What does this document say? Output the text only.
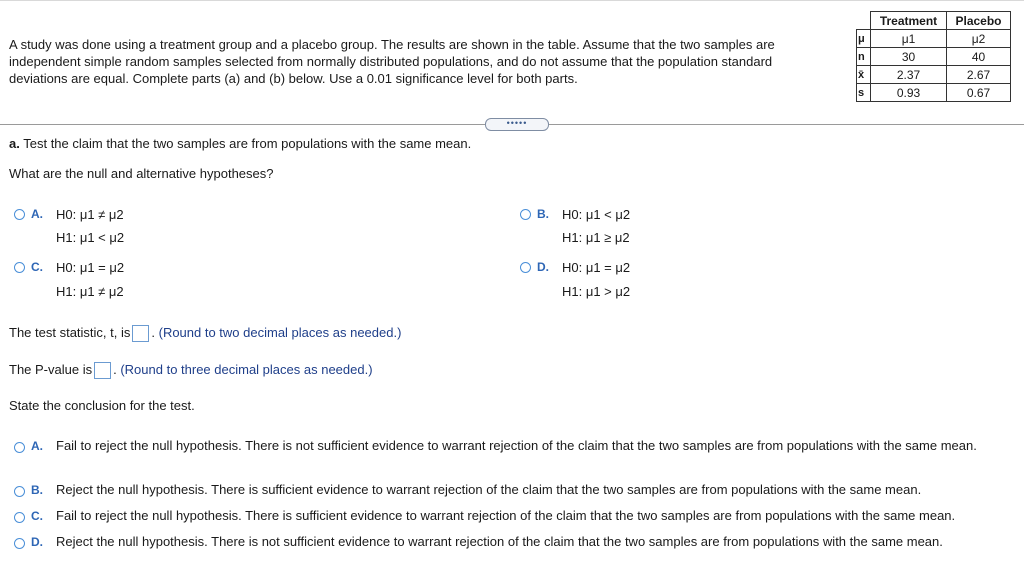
A study was done using a treatment group and a placebo group. The results are shown in the table. Assume that the two samples are independent simple random samples selected from normally distributed populations, and do not assume that the population standard deviations are equal. Complete parts (a) and (b) below. Use a 0.01 significance level for both parts.
	Treatment	Placebo
μ	μ1	μ2
n	30	40
x̄	2.37	2.67
s	0.93	0.67
•••••
a. Test the claim that the two samples are from populations with the same mean.
What are the null and alternative hypotheses?
A. H0: μ1 ≠ μ2
H1: μ1 < μ2
B. H0: μ1 < μ2
H1: μ1 ≥ μ2
C. H0: μ1 = μ2
H1: μ1 ≠ μ2
D. H0: μ1 = μ2
H1: μ1 > μ2
The test statistic, t, is . (Round to two decimal places as needed.)
The P-value is . (Round to three decimal places as needed.)
State the conclusion for the test.
A. Fail to reject the null hypothesis. There is not sufficient evidence to warrant rejection of the claim that the two samples are from populations with the same mean.
B. Reject the null hypothesis. There is sufficient evidence to warrant rejection of the claim that the two samples are from populations with the same mean.
C. Fail to reject the null hypothesis. There is sufficient evidence to warrant rejection of the claim that the two samples are from populations with the same mean.
D. Reject the null hypothesis. There is not sufficient evidence to warrant rejection of the claim that the two samples are from populations with the same mean.
